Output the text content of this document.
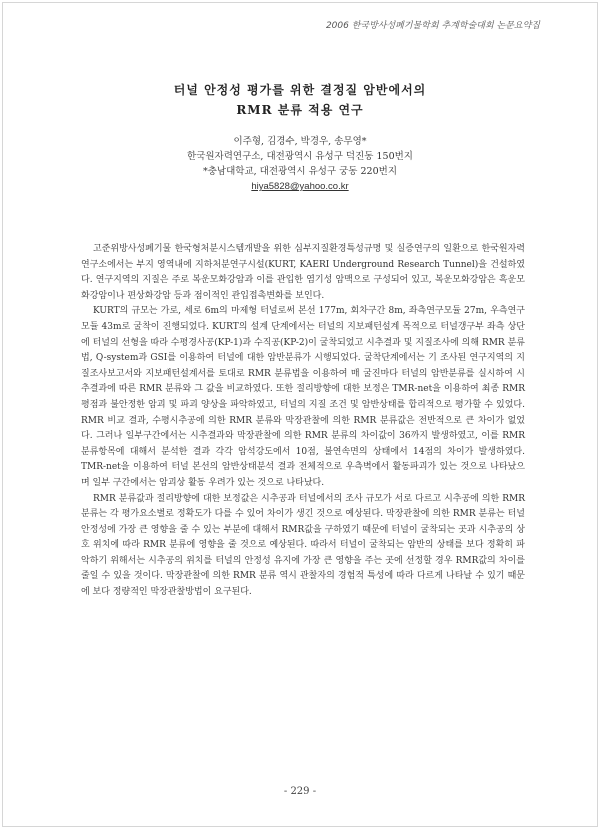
2006 한국방사성폐기물학회 추계학술대회 논문요약집
터널 안정성 평가를 위한 결정질 암반에서의
RMR 분류 적용 연구
이주형, 김경수, 박경우, 송무영*
한국원자력연구소, 대전광역시 유성구 덕진동 150번지
*충남대학교, 대전광역시 유성구 궁동 220번지
hiya5828@yahoo.co.kr

고준위방사성폐기물 한국형처분시스템개발을 위한 심부지질환경특성규명 및 실증연구의 일환으로 한국원자력연구소에서는 부지 영역내에 지하처분연구시설(KURT, KAERI Underground Research Tunnel)을 건설하였다. 연구지역의 지질은 주로 복운모화강암과 이를 관입한 염기성 암맥으로 구성되어 있고, 복운모화강암은 흑운모화강암이나 편상화강암 등과 점이적인 관입접촉변화를 보인다.

KURT의 규모는 가로, 세로 6m의 마제형 터널로써 본선 177m, 회차구간 8m, 좌측연구모듈 27m, 우측연구모듈 43m로 굴착이 진행되었다. KURT의 설계 단계에서는 터널의 지보패턴설계 목적으로 터널갱구부 좌측 상단에 터널의 선형을 따라 수평경사공(KP-1)과 수직공(KP-2)이 굴착되었고 시추결과 및 지질조사에 의해 RMR 분류법, Q-system과 GSI를 이용하여 터널에 대한 암반분류가 시행되었다. 굴착단계에서는 기 조사된 연구지역의 지질조사보고서와 지보패턴설계서를 토대로 RMR 분류법을 이용하여 매 굴진마다 터널의 암반분류를 실시하여 시추결과에 따른 RMR 분류와 그 값을 비교하였다. 또한 절리방향에 대한 보정은 TMR-net을 이용하여 최종 RMR 평점과 불안정한 암괴 및 파괴 양상을 파악하였고, 터널의 지질 조건 및 암반상태를 합리적으로 평가할 수 있었다. RMR 비교 결과, 수평시추공에 의한 RMR 분류와 막장관찰에 의한 RMR 분류값은 전반적으로 큰 차이가 없었다. 그러나 일부구간에서는 시추결과와 막장관찰에 의한 RMR 분류의 차이값이 36까지 발생하였고, 이를 RMR 분류항목에 대해서 분석한 결과 각각 암석강도에서 10점, 불연속면의 상태에서 14점의 차이가 발생하였다. TMR-net을 이용하여 터널 본선의 암반상태분석 결과 전체적으로 우측벽에서 활동파괴가 있는 것으로 나타났으며 일부 구간에서는 암괴상 활동 우려가 있는 것으로 나타났다.

RMR 분류값과 절리방향에 대한 보정값은 시추공과 터널에서의 조사 규모가 서로 다르고 시추공에 의한 RMR 분류는 각 평가요소별로 정확도가 다를 수 있어 차이가 생긴 것으로 예상된다. 막장관찰에 의한 RMR 분류는 터널 안정성에 가장 큰 영향을 줄 수 있는 부분에 대해서 RMR값을 구하였기 때문에 터널이 굴착되는 곳과 시추공의 상호 위치에 따라 RMR 분류에 영향을 줄 것으로 예상된다. 따라서 터널이 굴착되는 암반의 상태를 보다 정확히 파악하기 위해서는 시추공의 위치를 터널의 안정성 유지에 가장 큰 영향을 주는 곳에 선정할 경우 RMR값의 차이를 줄일 수 있을 것이다. 막장관찰에 의한 RMR 분류 역시 관찰자의 경험적 특성에 따라 다르게 나타날 수 있기 때문에 보다 정량적인 막장관찰방법이 요구된다.

- 229 -
